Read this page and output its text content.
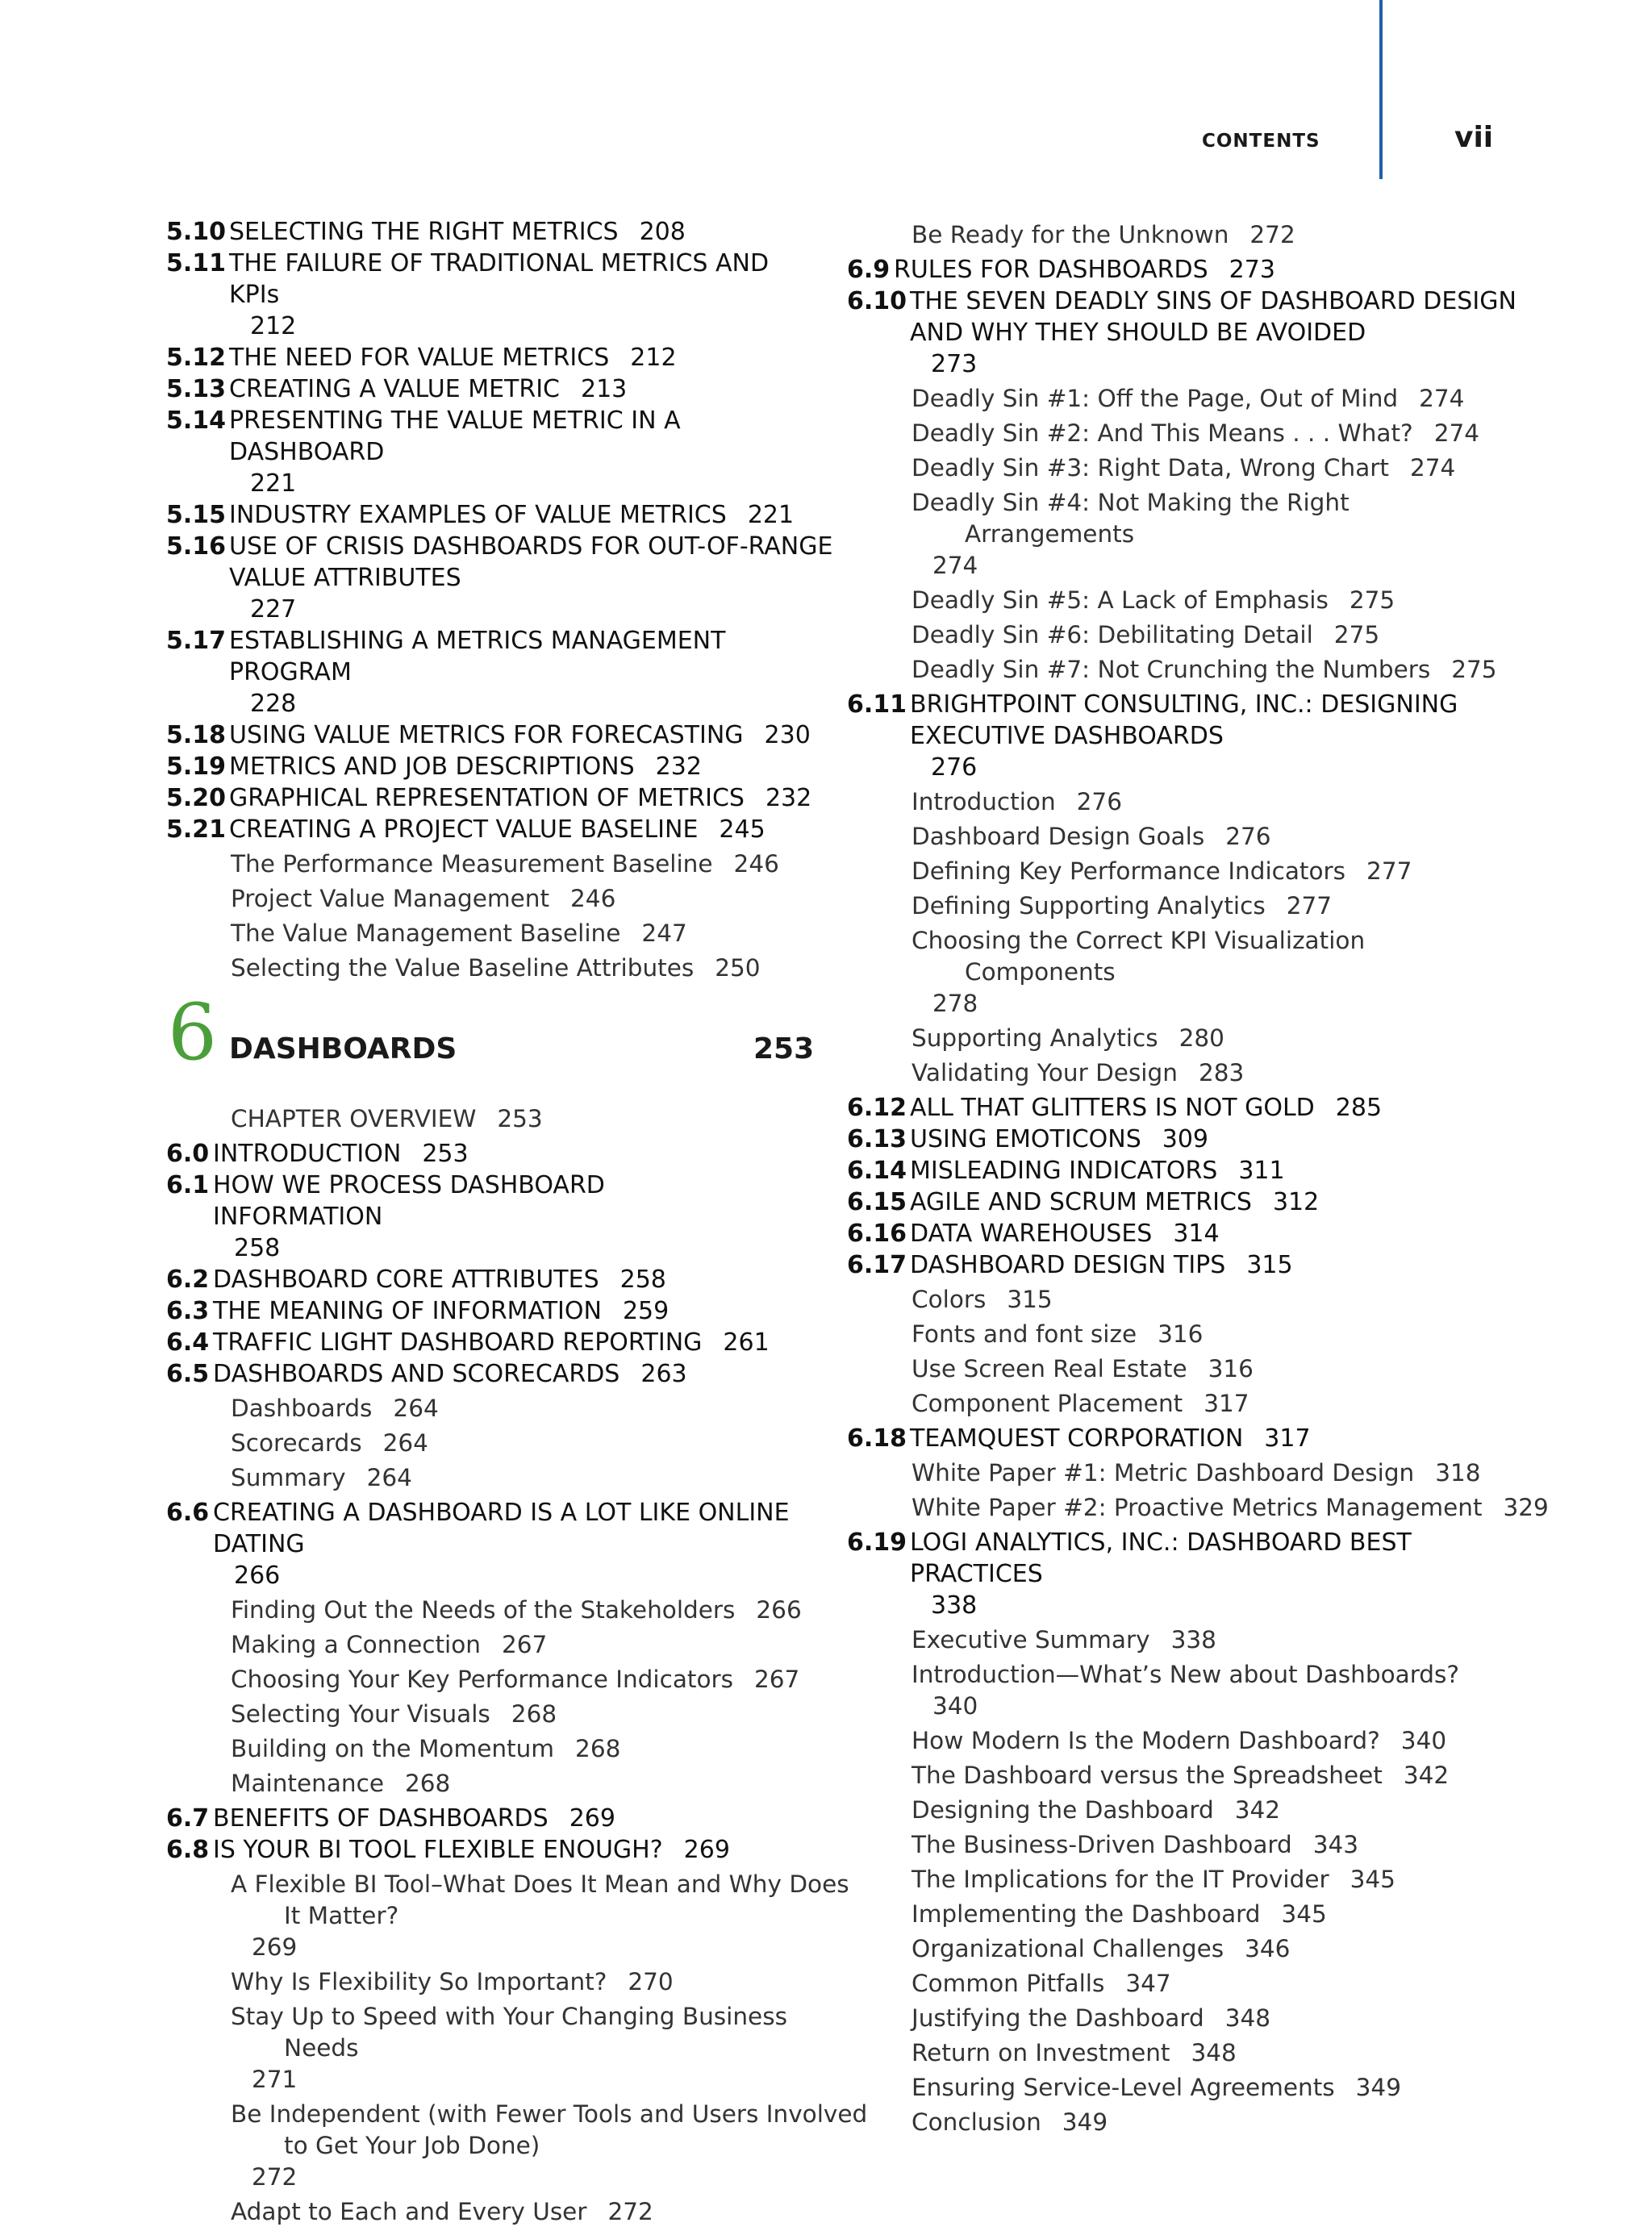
CONTENTS	vii
5.10 SELECTING THE RIGHT METRICS 208
5.11 THE FAILURE OF TRADITIONAL METRICS AND

KPIs
212
5.12 THE NEED FOR VALUE METRICS 212
5.13 CREATING A VALUE METRIC 213
5.14 PRESENTING THE VALUE METRIC IN A

DASHBOARD
221
5.15 INDUSTRY EXAMPLES OF VALUE METRICS 221
5.16 USE OF CRISIS DASHBOARDS FOR OUT-OF-RANGE

VALUE ATTRIBUTES
227
5.17 ESTABLISHING A METRICS MANAGEMENT

PROGRAM
228
5.18 USING VALUE METRICS FOR FORECASTING 230
5.19 METRICS AND JOB DESCRIPTIONS 232
5.20 GRAPHICAL REPRESENTATION OF METRICS 232
5.21 CREATING A PROJECT VALUE BASELINE 245
The Performance Measurement Baseline 246
Project Value Management 246
The Value Management Baseline 247
Selecting the Value Baseline Attributes 250
6 DASHBOARDS	253
CHAPTER OVERVIEW 253
6.0 INTRODUCTION 253
6.1 HOW WE PROCESS DASHBOARD

INFORMATION
258
6.2 DASHBOARD CORE ATTRIBUTES 258
6.3 THE MEANING OF INFORMATION 259
6.4 TRAFFIC LIGHT DASHBOARD REPORTING 261
6.5 DASHBOARDS AND SCORECARDS 263
Dashboards 264
Scorecards 264
Summary 264
6.6 CREATING A DASHBOARD IS A LOT LIKE ONLINE

DATING
266
Finding Out the Needs of the Stakeholders 266
Making a Connection 267
Choosing Your Key Performance Indicators 267
Selecting Your Visuals 268
Building on the Momentum 268
Maintenance 268
6.7 BENEFITS OF DASHBOARDS 269
6.8 IS YOUR BI TOOL FLEXIBLE ENOUGH? 269
A Flexible BI Tool–What Does It Mean and Why Does
It Matter?
269
Why Is Flexibility So Important? 270
Stay Up to Speed with Your Changing Business
Needs
271
Be Independent (with Fewer Tools and Users Involved
to Get Your Job Done)
272
Adapt to Each and Every User 272
Be Ready for the Unknown 272
6.9 RULES FOR DASHBOARDS 273
6.10 THE SEVEN DEADLY SINS OF DASHBOARD DESIGN

AND WHY THEY SHOULD BE AVOIDED
273
Deadly Sin #1: Off the Page, Out of Mind 274
Deadly Sin #2: And This Means . . . What? 274
Deadly Sin #3: Right Data, Wrong Chart 274
Deadly Sin #4: Not Making the Right
Arrangements
274
Deadly Sin #5: A Lack of Emphasis 275
Deadly Sin #6: Debilitating Detail 275
Deadly Sin #7: Not Crunching the Numbers 275
6.11 BRIGHTPOINT CONSULTING, INC.: DESIGNING

EXECUTIVE DASHBOARDS
276
Introduction 276
Dashboard Design Goals 276
Defining Key Performance Indicators 277
Defining Supporting Analytics 277
Choosing the Correct KPI Visualization
Components
278
Supporting Analytics 280
Validating Your Design 283
6.12 ALL THAT GLITTERS IS NOT GOLD 285
6.13 USING EMOTICONS 309
6.14 MISLEADING INDICATORS 311
6.15 AGILE AND SCRUM METRICS 312
6.16 DATA WAREHOUSES 314
6.17 DASHBOARD DESIGN TIPS 315
Colors 315
Fonts and font size 316
Use Screen Real Estate 316
Component Placement 317
6.18 TEAMQUEST CORPORATION 317
White Paper #1: Metric Dashboard Design 318
White Paper #2: Proactive Metrics Management 329
6.19 LOGI ANALYTICS, INC.: DASHBOARD BEST

PRACTICES
338
Executive Summary 338
Introduction—What’s New about Dashboards?340
How Modern Is the Modern Dashboard? 340
The Dashboard versus the Spreadsheet 342
Designing the Dashboard 342
The Business-Driven Dashboard 343
The Implications for the IT Provider 345
Implementing the Dashboard 345
Organizational Challenges 346
Common Pitfalls 347
Justifying the Dashboard 348
Return on Investment 348
Ensuring Service-Level Agreements 349
Conclusion 349
